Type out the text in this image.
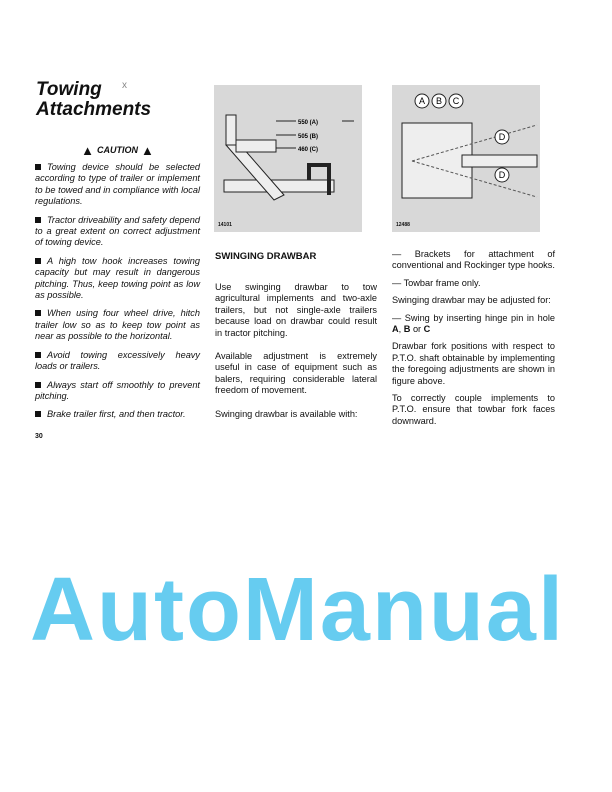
Towing
Attachments
x
▲ CAUTION ▲

Towing device should be selected according to type of trailer or implement to be towed and in compliance with local regulations.

Tractor driveability and safety depend to a great extent on correct adjustment of towing device.

A high tow hook increases towing capacity but may result in dangerous pitching. Thus, keep towing point as low as possible.

When using four wheel drive, hitch trailer low so as to keep tow point as near as possible to the horizontal.

Avoid towing excessively heavy loads or trailers.

Always start off smoothly to prevent pitching.

Brake trailer first, and then tractor.

30
550 (A)
505 (B)
460 (C)
14101
A B C
D
D
12488
SWINGING DRAWBAR

Use swinging drawbar to tow agricultural implements and two-axle trailers, but not single-axle trailers because load on drawbar could result in tractor pitching.

Available adjustment is extremely useful in case of equipment such as balers, requiring considerable lateral freedom of movement.

Swinging drawbar is available with:

— Brackets for attachment of conventional and Rockinger type hooks.

— Towbar frame only.

Swinging drawbar may be adjusted for:

— Swing by inserting hinge pin in hole A, B or C

Drawbar fork positions with respect to P.T.O. shaft obtainable by implementing the foregoing adjustments are shown in figure above.

To correctly couple implements to P.T.O. ensure that towbar fork faces downward.

AutoManual
